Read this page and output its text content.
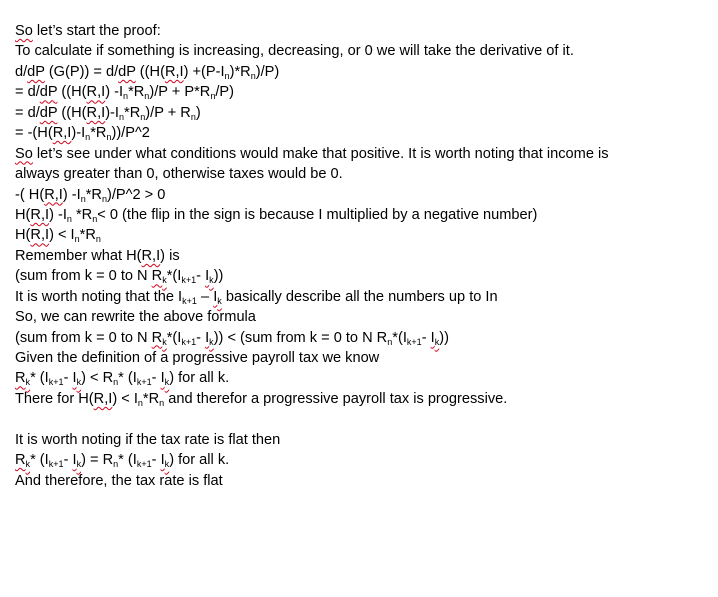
So let’s start the proof:
To calculate if something is increasing, decreasing, or 0 we will take the derivative of it.
d/dP (G(P)) = d/dP $((H(R,I) +(P-I_n)*R_n)/P)$
= d/dP ((H(R,I) $-I_n*R_n)/P + P*R_n/P$)
= d/dP $((H(R,I)-I_n*R_n)/P + R_n)$
= $-(H(R,I)-I_n*R_n))/P\^{}2$
So let’s see under what conditions would make that positive. It is worth noting that income is
always greater than 0, otherwise taxes would be 0.
-( H(R,I) $-I_n*R_n)/P\^{}2 > 0$
H(R,I) $-I_n$ $*R_n< 0$ (the flip in the sign is because I multiplied by a negative number)
$H(R,I) < I_n*R_n$
Remember what H(R,I) is
(sum from k = 0 to N $R_k*(I_{k+1}-$ $I_k$))
It is worth noting that the $I_{k+1} - I_k$ basically describe all the numbers up to In
So, we can rewrite the above formula
(sum from k = 0 to N $R_k*(I_{k+1}-$ $I_k)) < (sum$ from k = 0 to N $R_n*(I_{k+1}-$ $I_k$))
Given the definition of a progressive payroll tax we know
$R_k*$ ($I_{k+1}-$ $I_k) < R_n*$ ($I_{k+1}-$ $I_k$) for all k.
There for $H(R,I) < I_n*R_n$ and therefor a progressive payroll tax is progressive.
It is worth noting if the tax rate is flat then
$R_k*$ ($I_{k+1}-$ $I_k) = R_n*$ ($I_{k+1}-$ $I_k$) for all k.
And therefore, the tax rate is flat
